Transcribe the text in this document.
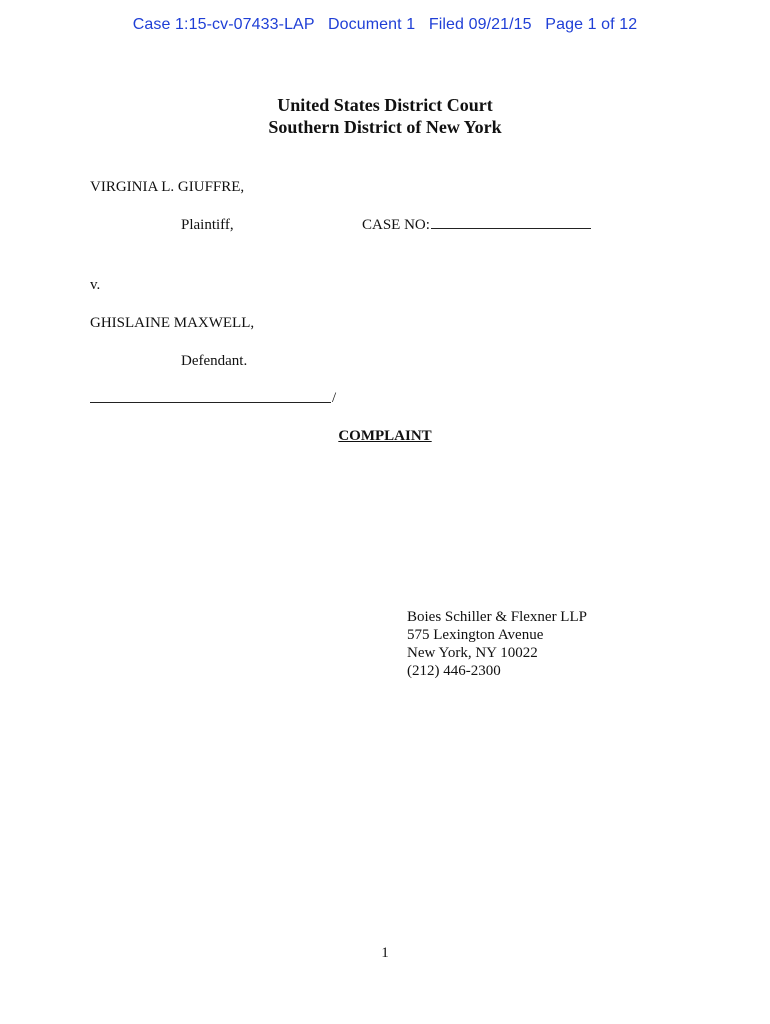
Case 1:15-cv-07433-LAP   Document 1   Filed 09/21/15   Page 1 of 12
United States District Court
Southern District of New York
VIRGINIA L. GIUFFRE,
Plaintiff,	CASE NO:
v.
GHISLAINE MAXWELL,
Defendant.
/
COMPLAINT
Boies Schiller & Flexner LLP
575 Lexington Avenue
New York, NY 10022
(212) 446-2300
1
